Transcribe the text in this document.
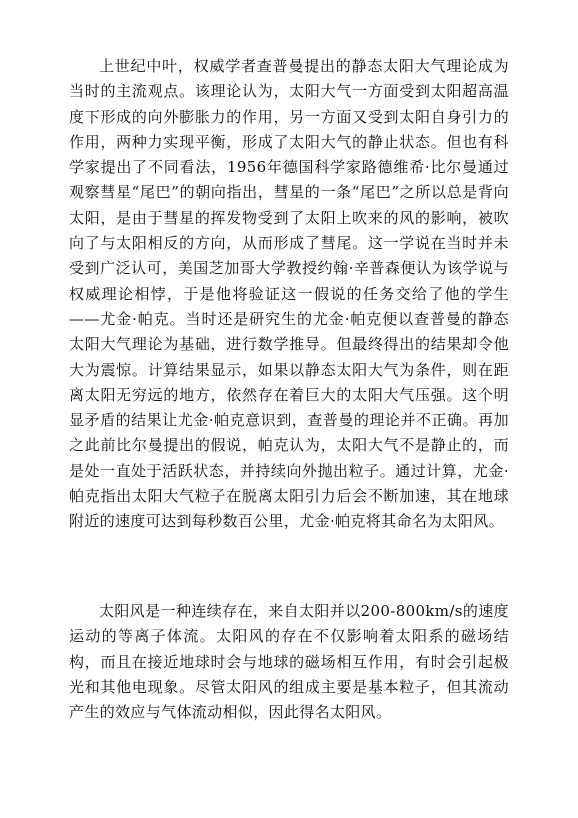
上世纪中叶，权威学者查普曼提出的静态太阳大气理论成为当时的主流观点。该理论认为，太阳大气一方面受到太阳超高温度下形成的向外膨胀力的作用，另一方面又受到太阳自身引力的作用，两种力实现平衡，形成了太阳大气的静止状态。但也有科学家提出了不同看法，1956年德国科学家路德维希·比尔曼通过观察彗星“尾巴”的朝向指出，彗星的一条“尾巴”之所以总是背向太阳，是由于彗星的挥发物受到了太阳上吹来的风的影响，被吹向了与太阳相反的方向，从而形成了彗尾。这一学说在当时并未受到广泛认可，美国芝加哥大学教授约翰·辛普森便认为该学说与权威理论相悖，于是他将验证这一假说的任务交给了他的学生——尤金·帕克。当时还是研究生的尤金·帕克便以查普曼的静态太阳大气理论为基础，进行数学推导。但最终得出的结果却令他大为震惊。计算结果显示，如果以静态太阳大气为条件，则在距离太阳无穷远的地方，依然存在着巨大的太阳大气压强。这个明显矛盾的结果让尤金·帕克意识到，查普曼的理论并不正确。再加之此前比尔曼提出的假说，帕克认为，太阳大气不是静止的，而是处一直处于活跃状态，并持续向外抛出粒子。通过计算，尤金·帕克指出太阳大气粒子在脱离太阳引力后会不断加速，其在地球附近的速度可达到每秒数百公里，尤金·帕克将其命名为太阳风。

太阳风是一种连续存在，来自太阳并以200-800km/s的速度运动的等离子体流。太阳风的存在不仅影响着太阳系的磁场结构，而且在接近地球时会与地球的磁场相互作用，有时会引起极光和其他电现象。尽管太阳风的组成主要是基本粒子，但其流动产生的效应与气体流动相似，因此得名太阳风。
